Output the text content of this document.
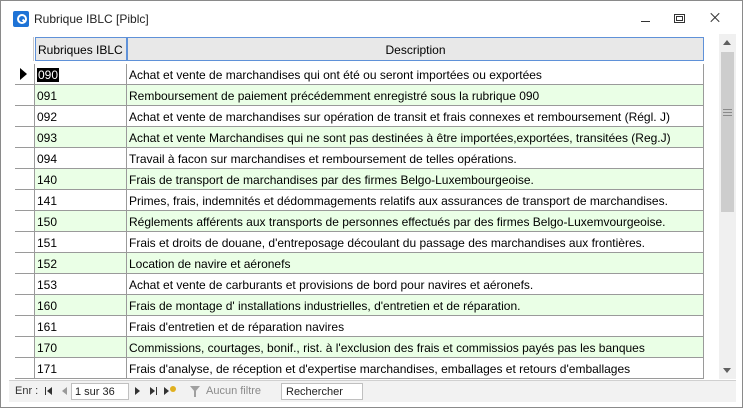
Rubrique IBLC [Piblc]
Rubriques IBLC	Description
090	Achat et vente de marchandises qui ont été ou seront importées ou exportées
091	Remboursement de paiement précédemment enregistré sous la rubrique 090
092	Achat et vente de marchandises sur opération de transit et frais connexes et remboursement (Régl. J)
093	Achat et vente Marchandises qui ne sont pas destinées à être importées,exportées, transitées (Reg.J)
094	Travail à facon sur marchandises et remboursement de telles opérations.
140	Frais de transport de marchandises par des firmes Belgo-Luxembourgeoise.
141	Primes, frais, indemnités et dédommagements relatifs aux assurances de transport de marchandises.
150	Réglements afférents aux transports de personnes effectués par des firmes Belgo-Luxemvourgeoise.
151	Frais et droits de douane, d'entreposage découlant du passage des marchandises aux frontières.
152	Location de navire et aéronefs
153	Achat et vente de carburants et provisions de bord pour navires et aéronefs.
160	Frais de montage d' installations industrielles, d'entretien et de réparation.
161	Frais d'entretien et de réparation navires
170	Commissions, courtages, bonif., rist. à l'exclusion des frais et commissios payés pas les banques
171	Frais d'analyse, de réception et d'expertise marchandises, emballages et retours d'emballages
Enr :	1 sur 36	Aucun filtre	Rechercher
